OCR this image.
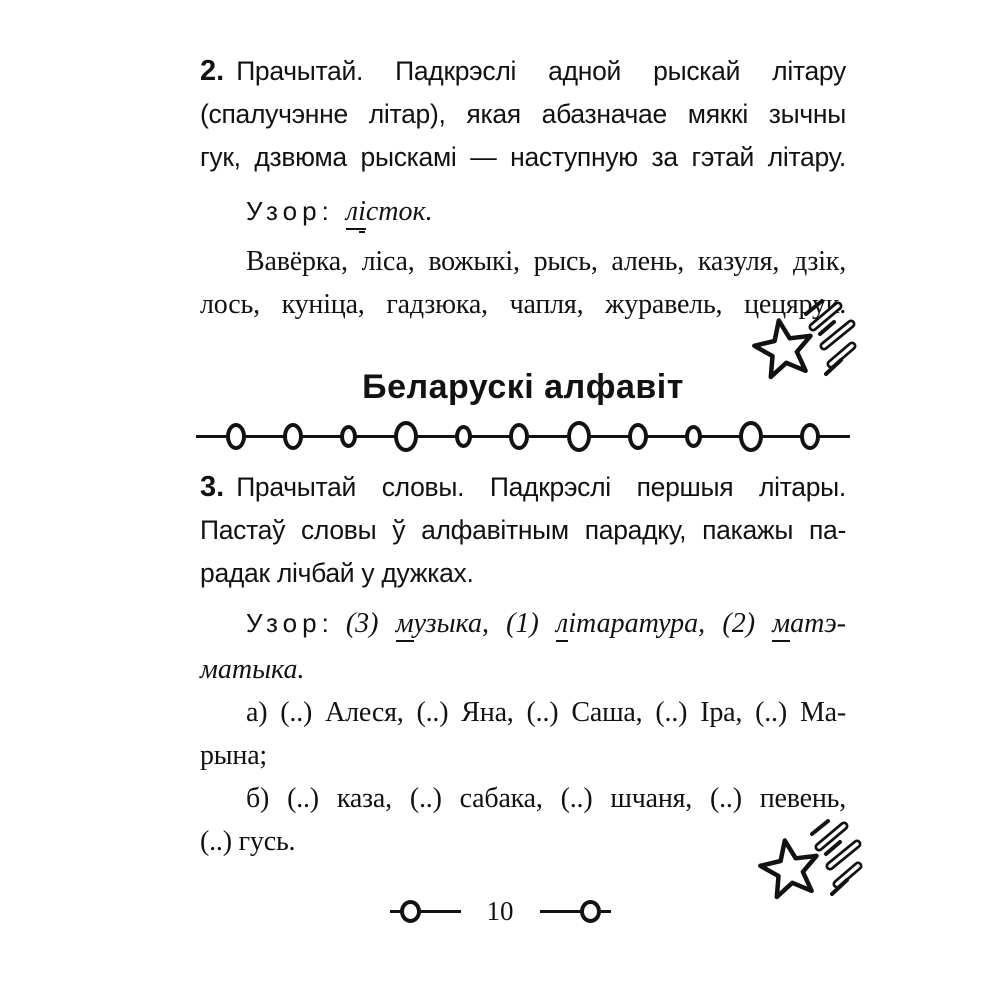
2. Прачытай. Падкрэслі адной рыскай літару
(спалучэнне літар), якая абазначае мяккі зычны
гук, дзвюма рыскамі — наступную за гэтай літару.
Узор: лісток.
Вавёрка, ліса, вожыкі, рысь, алень, казуля, дзік,
лось, куніца, гадзюка, чапля, журавель, цецярук.
Беларускі алфавіт
3. Прачытай словы. Падкрэслі першыя літары.
Пастаў словы ў алфавітным парадку, пакажы па-
радак лічбай у дужках.
Узор: (3) музыка, (1) літаратура, (2) матэ-
матыка.
а) (..) Алеся, (..) Яна, (..) Саша, (..) Іра, (..) Ма-
рына;
б) (..) каза, (..) сабака, (..) шчаня, (..) певень,
(..) гусь.
10
